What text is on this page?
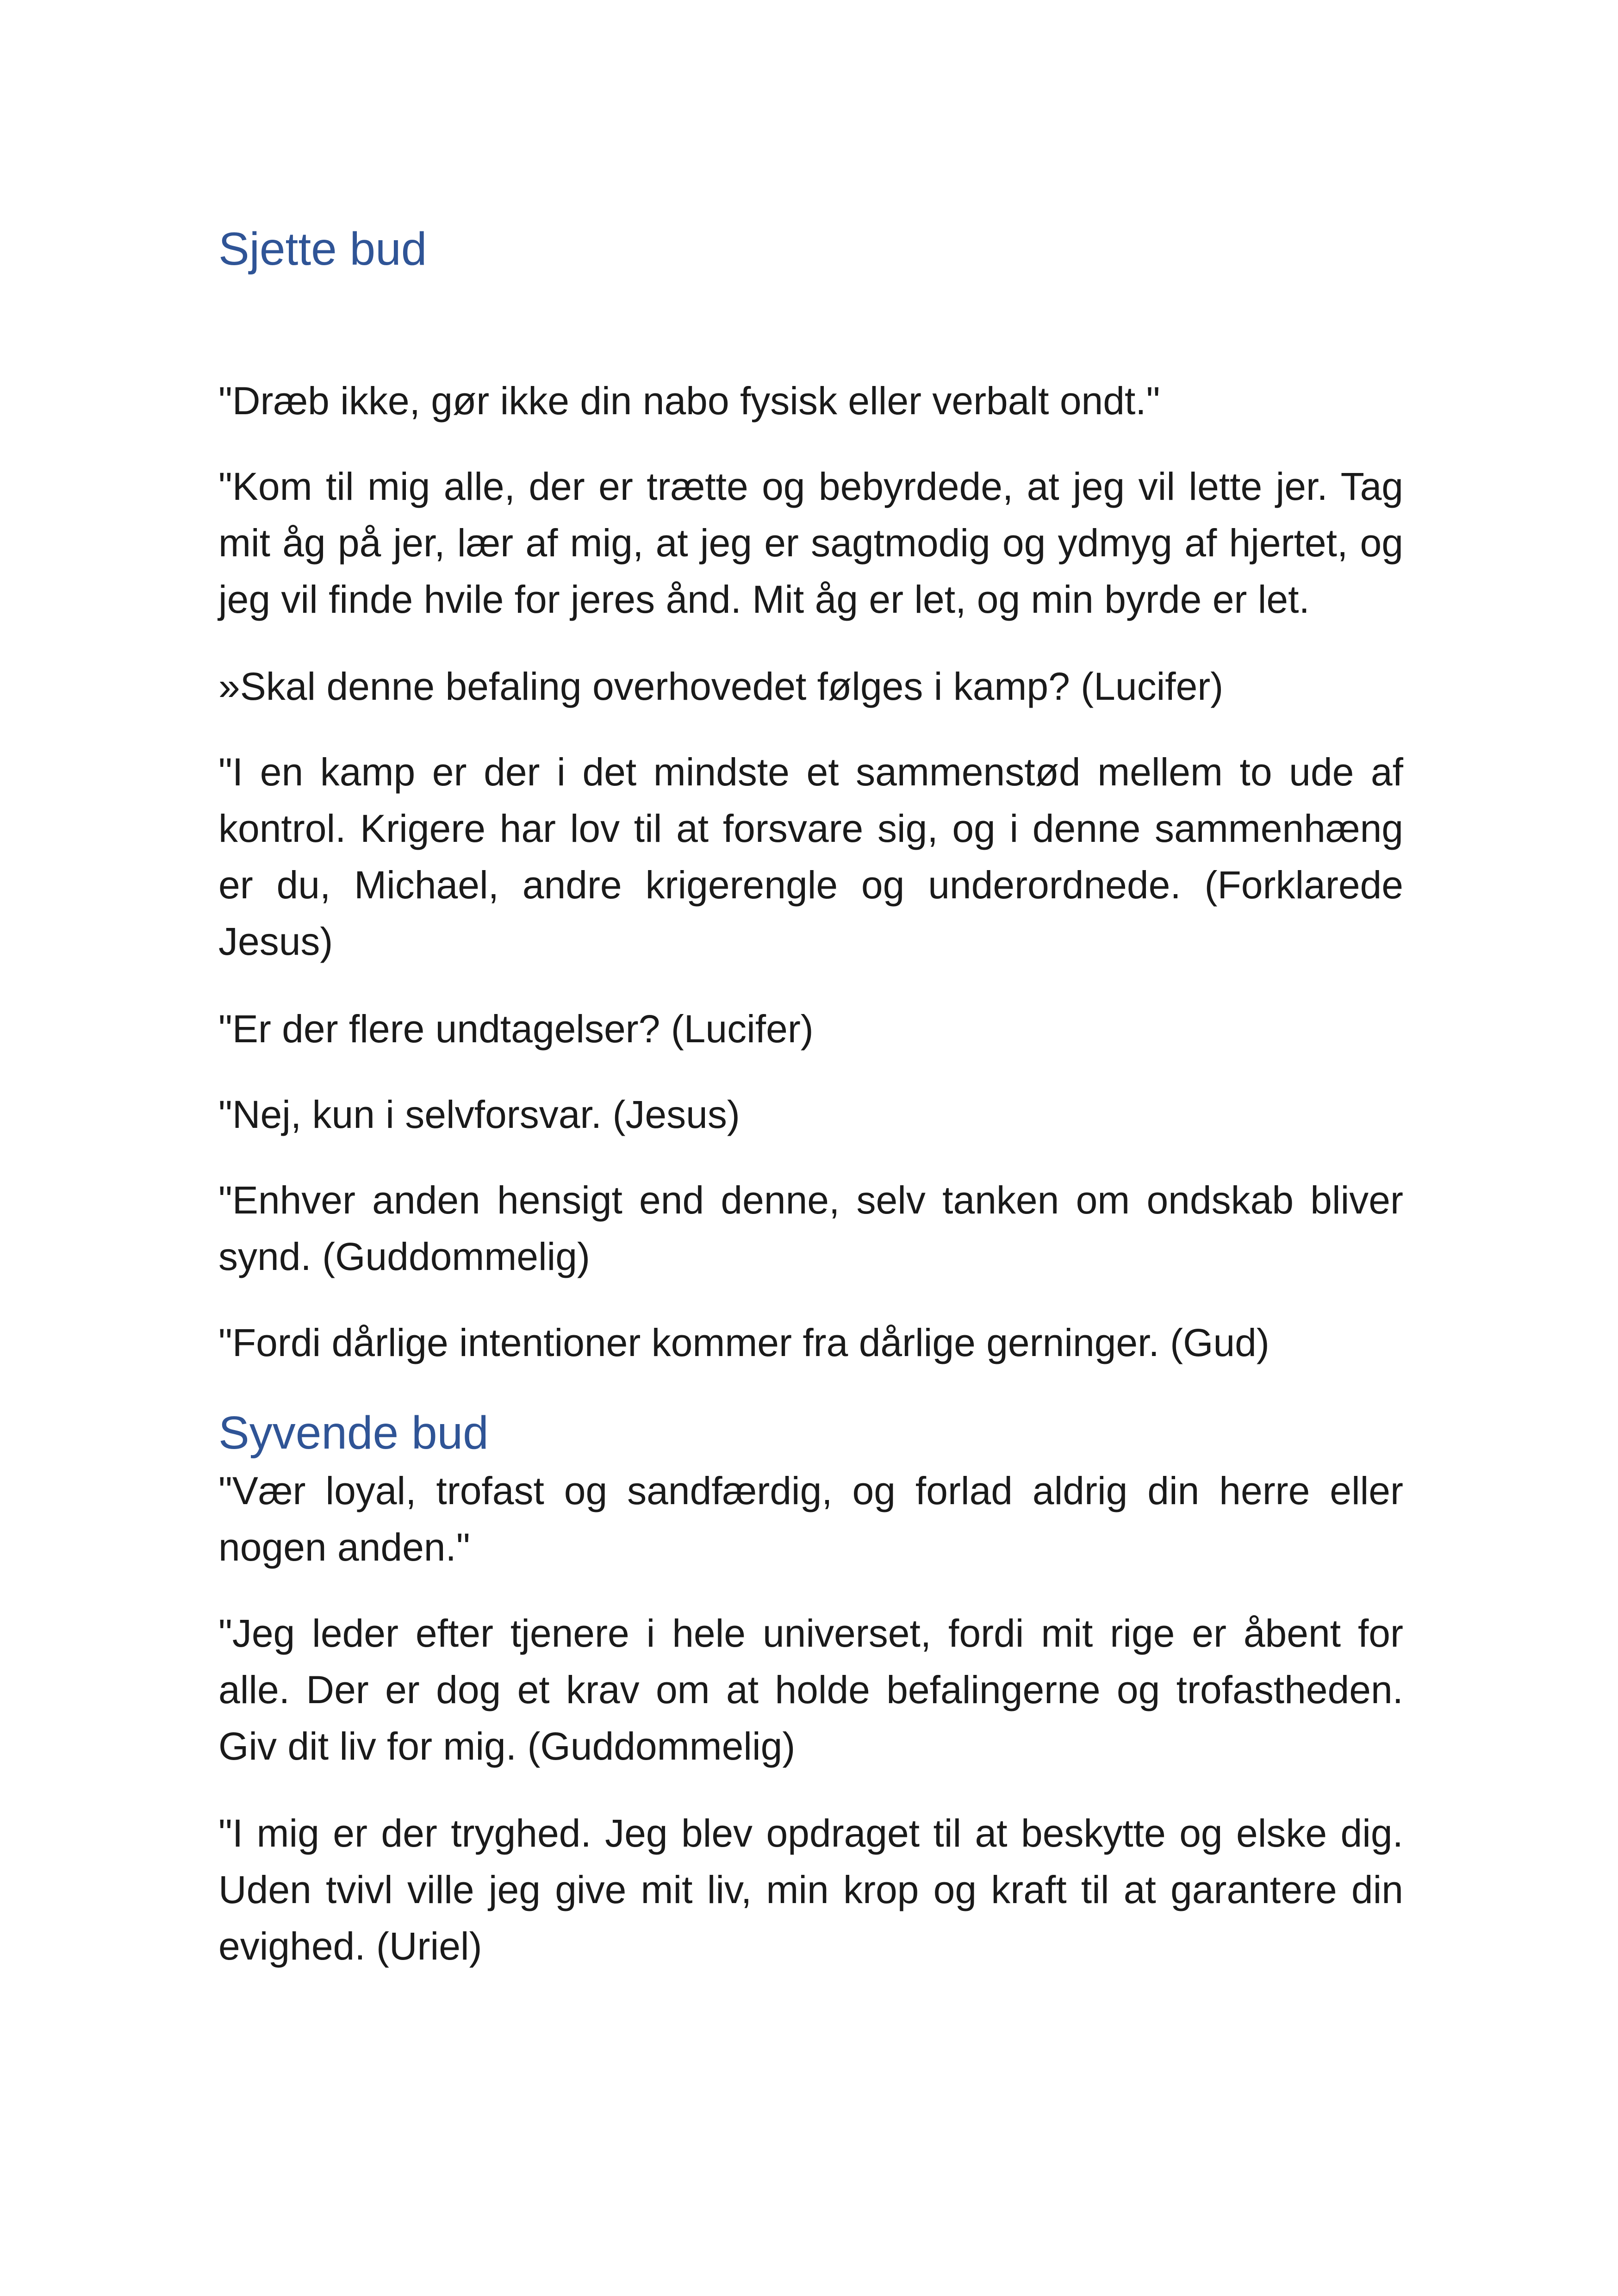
Sjette bud

"Dræb ikke, gør ikke din nabo fysisk eller verbalt ondt."

"Kom til mig alle, der er trætte og bebyrdede, at jeg vil lette jer. Tag mit åg på jer, lær af mig, at jeg er sagtmodig og ydmyg af hjertet, og jeg vil finde hvile for jeres ånd. Mit åg er let, og min byrde er let.

»Skal denne befaling overhovedet følges i kamp? (Lucifer)

"I en kamp er der i det mindste et sammenstød mellem to ude af kontrol. Krigere har lov til at forsvare sig, og i denne sammenhæng er du, Michael, andre krigerengle og underordnede. (Forklarede Jesus)

"Er der flere undtagelser? (Lucifer)

"Nej, kun i selvforsvar. (Jesus)

"Enhver anden hensigt end denne, selv tanken om ondskab bliver synd. (Guddommelig)

"Fordi dårlige intentioner kommer fra dårlige gerninger. (Gud)

Syvende bud

"Vær loyal, trofast og sandfærdig, og forlad aldrig din herre eller nogen anden."

"Jeg leder efter tjenere i hele universet, fordi mit rige er åbent for alle. Der er dog et krav om at holde befalingerne og trofastheden. Giv dit liv for mig. (Guddommelig)

"I mig er der tryghed. Jeg blev opdraget til at beskytte og elske dig. Uden tvivl ville jeg give mit liv, min krop og kraft til at garantere din evighed. (Uriel)
